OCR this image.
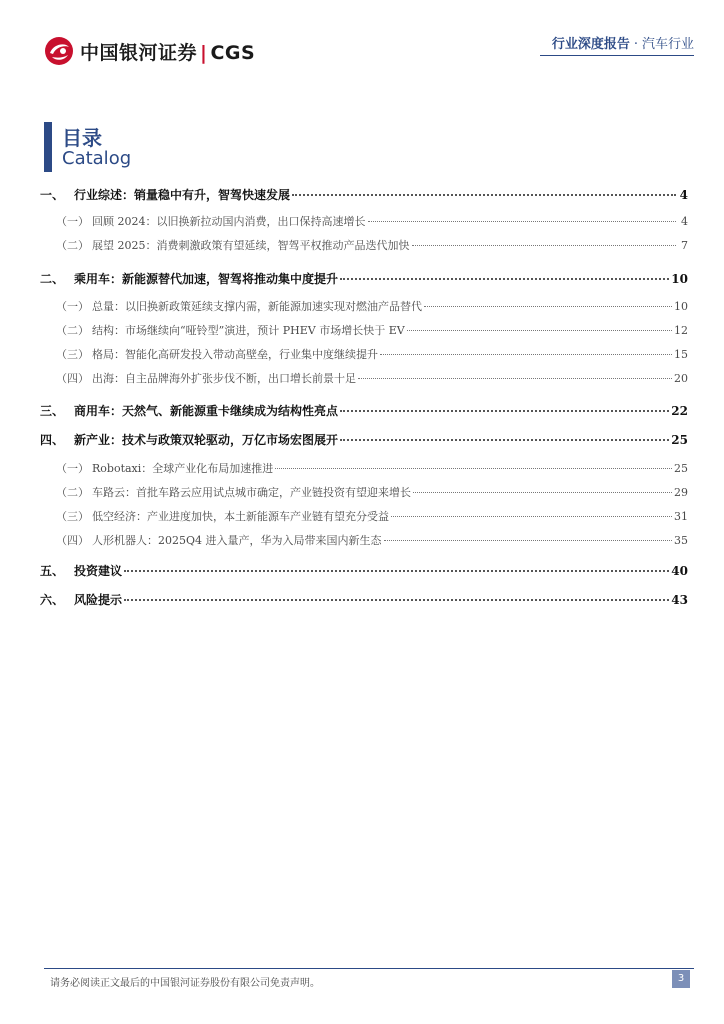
中国银河证券 | CGS	行业深度报告 · 汽车行业
目录
Catalog
一、 行业综述：销量稳中有升，智驾快速发展	4
（一） 回顾 2024：以旧换新拉动国内消费，出口保持高速增长	4
（二） 展望 2025：消费刺激政策有望延续，智驾平权推动产品迭代加快	7
二、 乘用车：新能源替代加速，智驾将推动集中度提升	10
（一） 总量：以旧换新政策延续支撑内需，新能源加速实现对燃油产品替代	10
（二） 结构：市场继续向“哑铃型”演进，预计 PHEV 市场增长快于 EV	12
（三） 格局：智能化高研发投入带动高壁垒，行业集中度继续提升	15
（四） 出海：自主品牌海外扩张步伐不断，出口增长前景十足	20
三、 商用车：天然气、新能源重卡继续成为结构性亮点	22
四、 新产业：技术与政策双轮驱动，万亿市场宏图展开	25
（一） Robotaxi：全球产业化布局加速推进	25
（二） 车路云：首批车路云应用试点城市确定，产业链投资有望迎来增长	29
（三） 低空经济：产业进度加快，本土新能源车产业链有望充分受益	31
（四） 人形机器人：2025Q4 进入量产，华为入局带来国内新生态	35
五、 投资建议	40
六、 风险提示	43
请务必阅读正文最后的中国银河证券股份有限公司免责声明。	3
